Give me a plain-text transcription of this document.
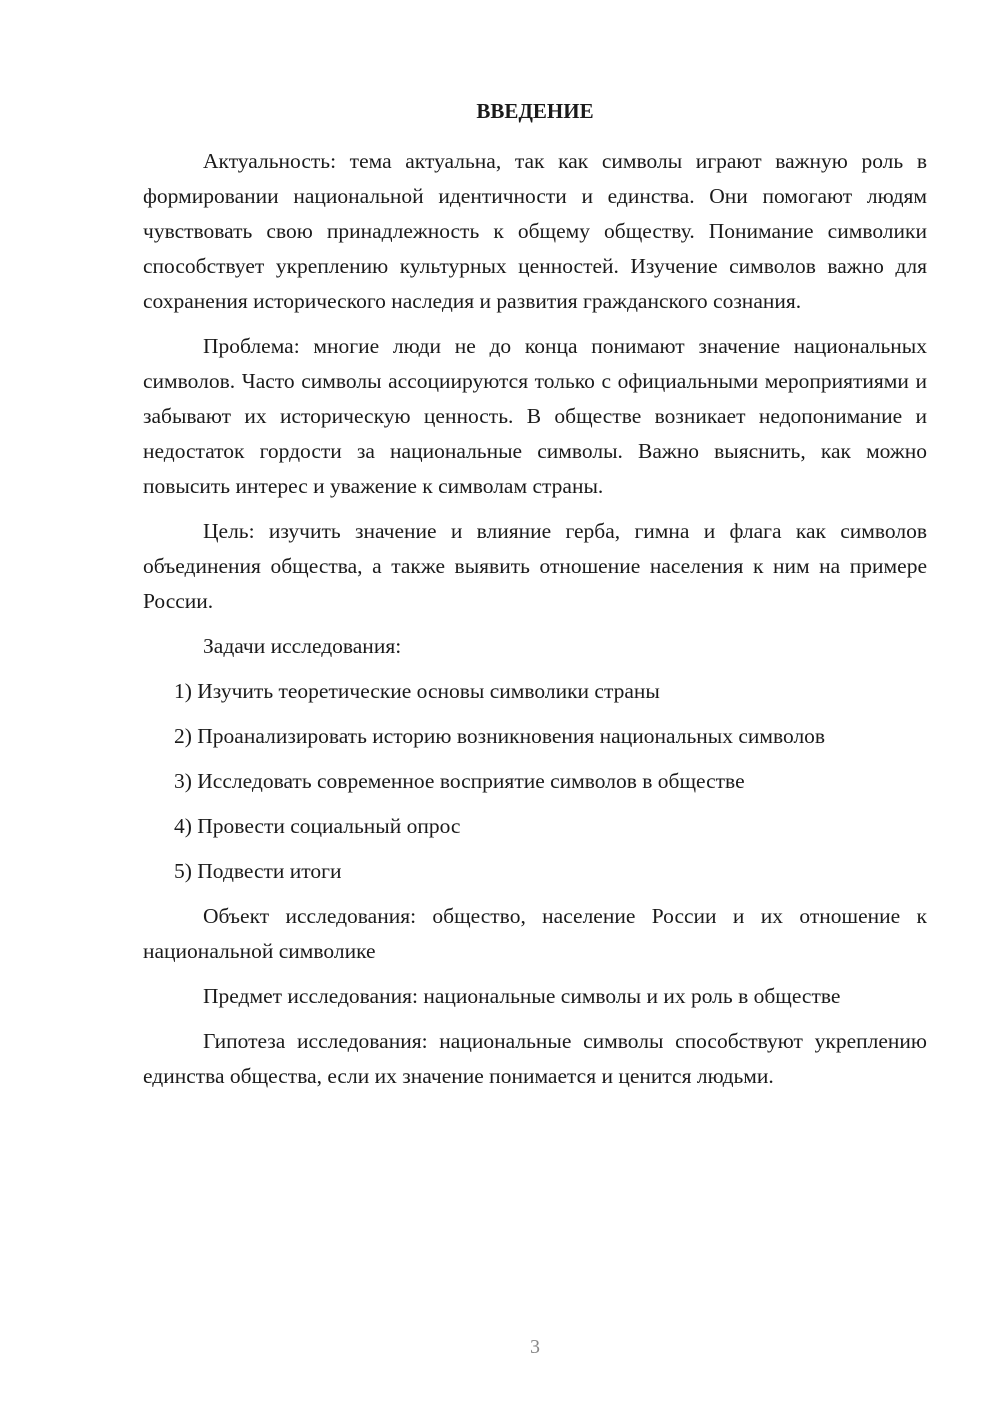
ВВЕДЕНИЕ

Актуальность: тема актуальна, так как символы играют важную роль в формировании национальной идентичности и единства. Они помогают людям чувствовать свою принадлежность к общему обществу. Понимание символики способствует укреплению культурных ценностей. Изучение символов важно для сохранения исторического наследия и развития гражданского сознания.

Проблема: многие люди не до конца понимают значение национальных символов. Часто символы ассоциируются только с официальными мероприятиями и забывают их историческую ценность. В обществе возникает недопонимание и недостаток гордости за национальные символы. Важно выяснить, как можно повысить интерес и уважение к символам страны.

Цель: изучить значение и влияние герба, гимна и флага как символов объединения общества, а также выявить отношение населения к ним на примере России.

Задачи исследования:

1) Изучить теоретические основы символики страны

2) Проанализировать историю возникновения национальных символов

3) Исследовать современное восприятие символов в обществе

4) Провести социальный опрос

5) Подвести итоги

Объект исследования: общество, население России и их отношение к национальной символике

Предмет исследования: национальные символы и их роль в обществе

Гипотеза исследования: национальные символы способствуют укреплению единства общества, если их значение понимается и ценится людьми.

3
